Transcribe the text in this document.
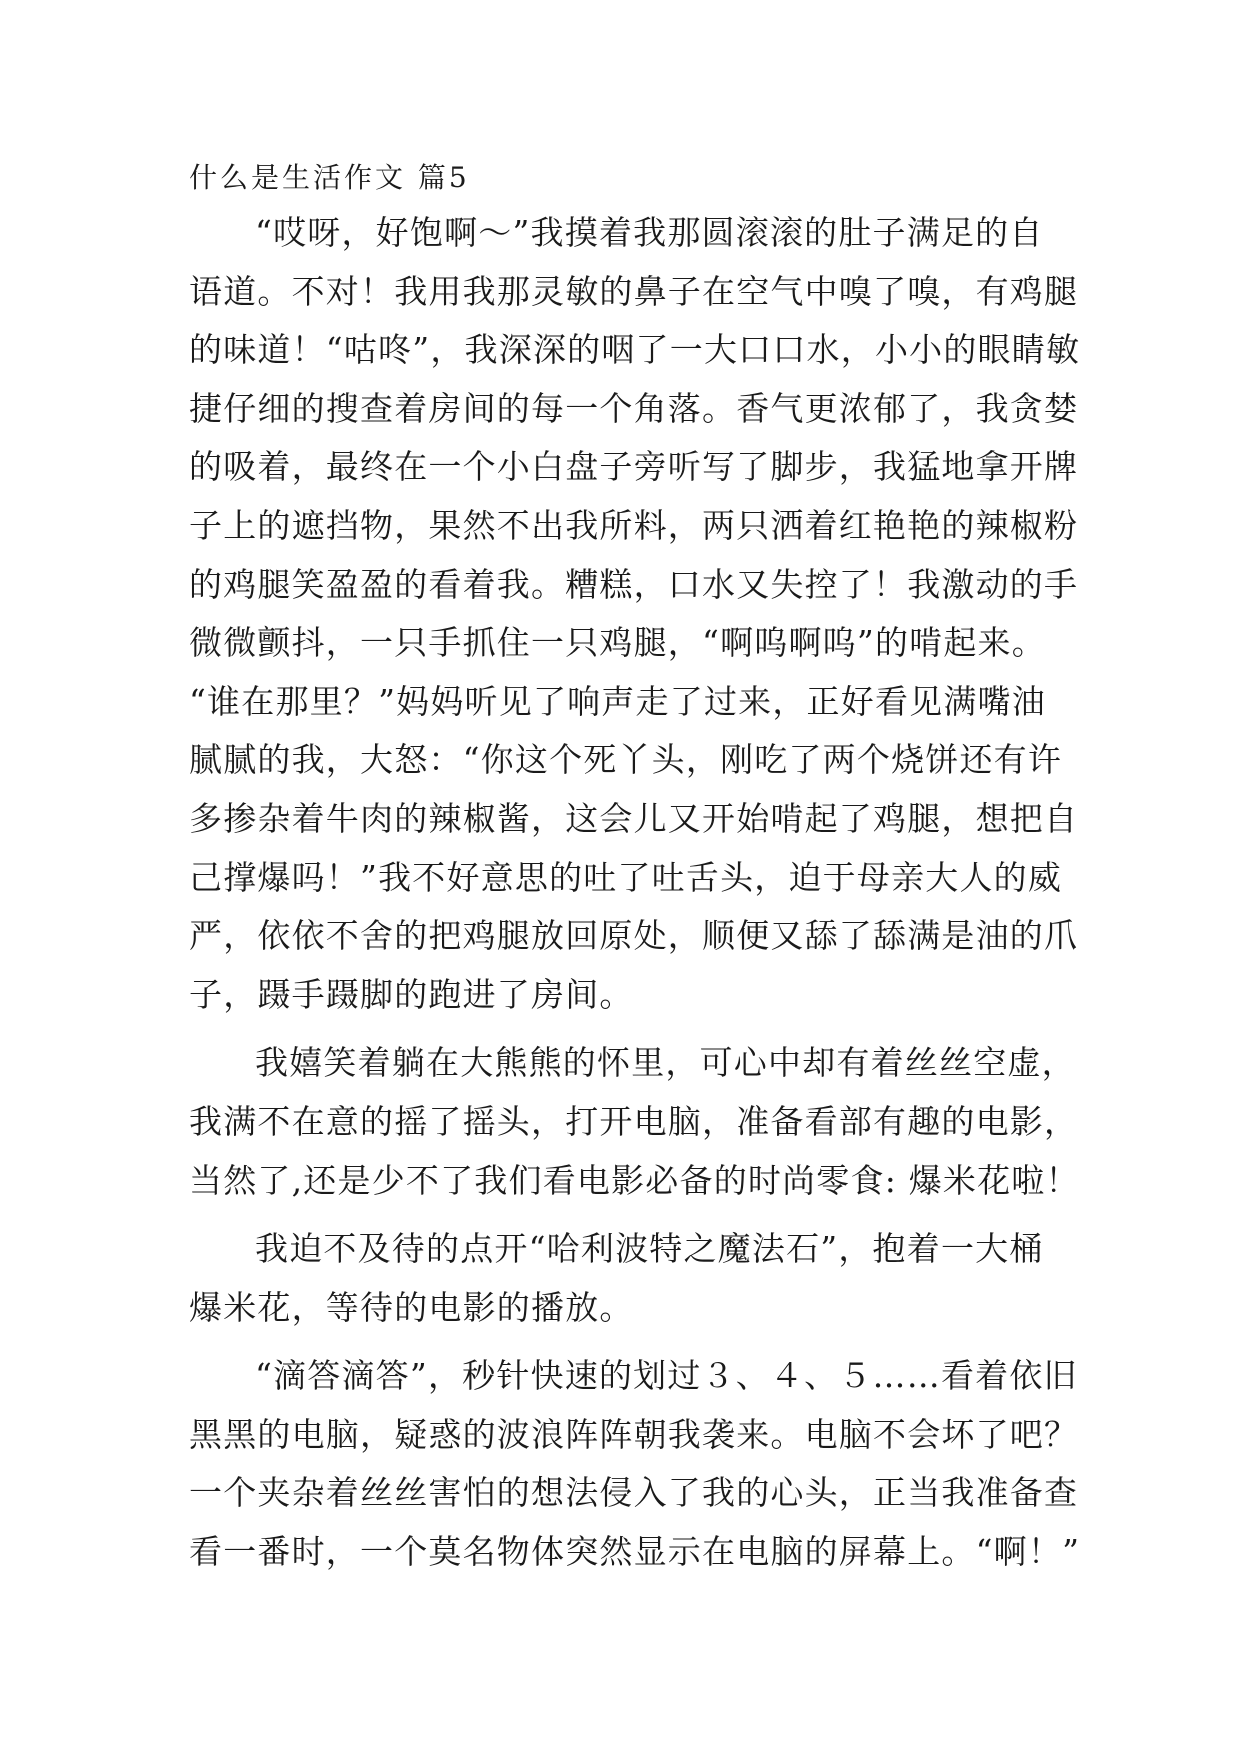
什么是生活作文 篇5
“哎呀，好饱啊～”我摸着我那圆滚滚的肚子满足的自
语道。不对！我用我那灵敏的鼻子在空气中嗅了嗅，有鸡腿
的味道！“咕咚”，我深深的咽了一大口口水，小小的眼睛敏
捷仔细的搜查着房间的每一个角落。香气更浓郁了，我贪婪
的吸着，最终在一个小白盘子旁听写了脚步，我猛地拿开牌
子上的遮挡物，果然不出我所料，两只洒着红艳艳的辣椒粉
的鸡腿笑盈盈的看着我。糟糕，口水又失控了！我激动的手
微微颤抖，一只手抓住一只鸡腿，“啊呜啊呜”的啃起来。
“谁在那里？”妈妈听见了响声走了过来，正好看见满嘴油
腻腻的我，大怒：“你这个死丫头，刚吃了两个烧饼还有许
多掺杂着牛肉的辣椒酱，这会儿又开始啃起了鸡腿，想把自
己撑爆吗！”我不好意思的吐了吐舌头，迫于母亲大人的威
严，依依不舍的把鸡腿放回原处，顺便又舔了舔满是油的爪
子，蹑手蹑脚的跑进了房间。
我嬉笑着躺在大熊熊的怀里，可心中却有着丝丝空虚，
我满不在意的摇了摇头，打开电脑，准备看部有趣的电影，
当然了,还是少不了我们看电影必备的时尚零食: 爆米花啦！
我迫不及待的点开“哈利波特之魔法石”，抱着一大桶
爆米花，等待的电影的播放。
“滴答滴答”，秒针快速的划过３、４、５……看着依旧
黑黑的电脑，疑惑的波浪阵阵朝我袭来。电脑不会坏了吧？
一个夹杂着丝丝害怕的想法侵入了我的心头，正当我准备查
看一番时，一个莫名物体突然显示在电脑的屏幕上。“啊！”
